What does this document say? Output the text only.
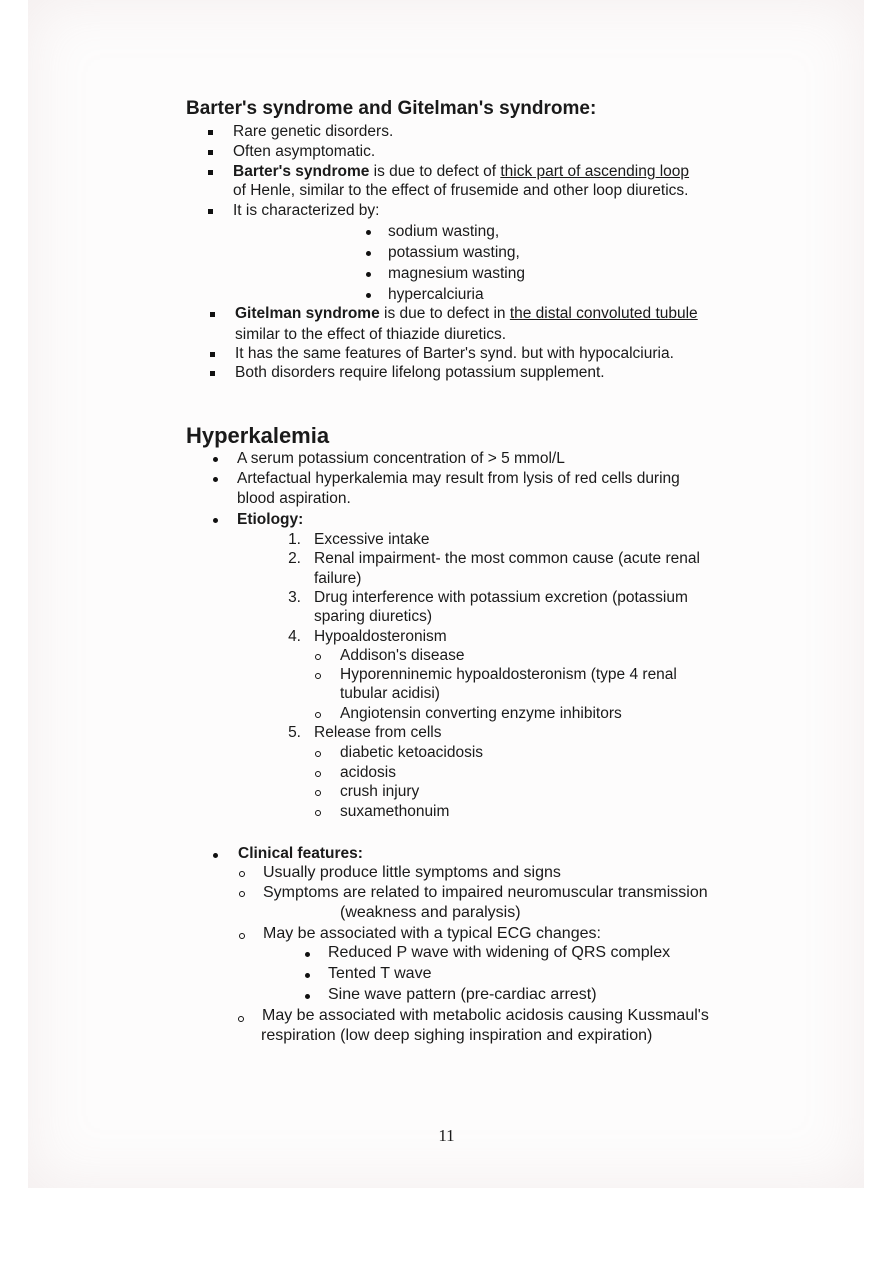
Barter's syndrome and Gitelman's syndrome:
Rare genetic disorders.
Often asymptomatic.
Barter's syndrome is due to defect of thick part of ascending loop
of Henle, similar to the effect of frusemide and other loop diuretics.
It is characterized by:
sodium wasting,
potassium wasting,
magnesium wasting
hypercalciuria
Gitelman syndrome is due to defect in the distal convoluted tubule
similar to the effect of thiazide diuretics.
It has the same features of Barter's synd. but with hypocalciuria.
Both disorders require lifelong potassium supplement.
Hyperkalemia
A serum potassium concentration of > 5 mmol/L
Artefactual hyperkalemia may result from lysis of red cells during
blood aspiration.
Etiology:
1. Excessive intake
2. Renal impairment- the most common cause (acute renal
failure)
3. Drug interference with potassium excretion (potassium
sparing diuretics)
4. Hypoaldosteronism
Addison's disease
Hyporenninemic hypoaldosteronism (type 4 renal
tubular acidisi)
Angiotensin converting enzyme inhibitors
5. Release from cells
diabetic ketoacidosis
acidosis
crush injury
suxamethonuim
Clinical features:
Usually produce little symptoms and signs
Symptoms are related to impaired neuromuscular transmission
(weakness and paralysis)
May be associated with a typical ECG changes:
Reduced P wave with widening of QRS complex
Tented T wave
Sine wave pattern (pre-cardiac arrest)
May be associated with metabolic acidosis causing Kussmaul's
respiration (low deep sighing inspiration and expiration)
11
